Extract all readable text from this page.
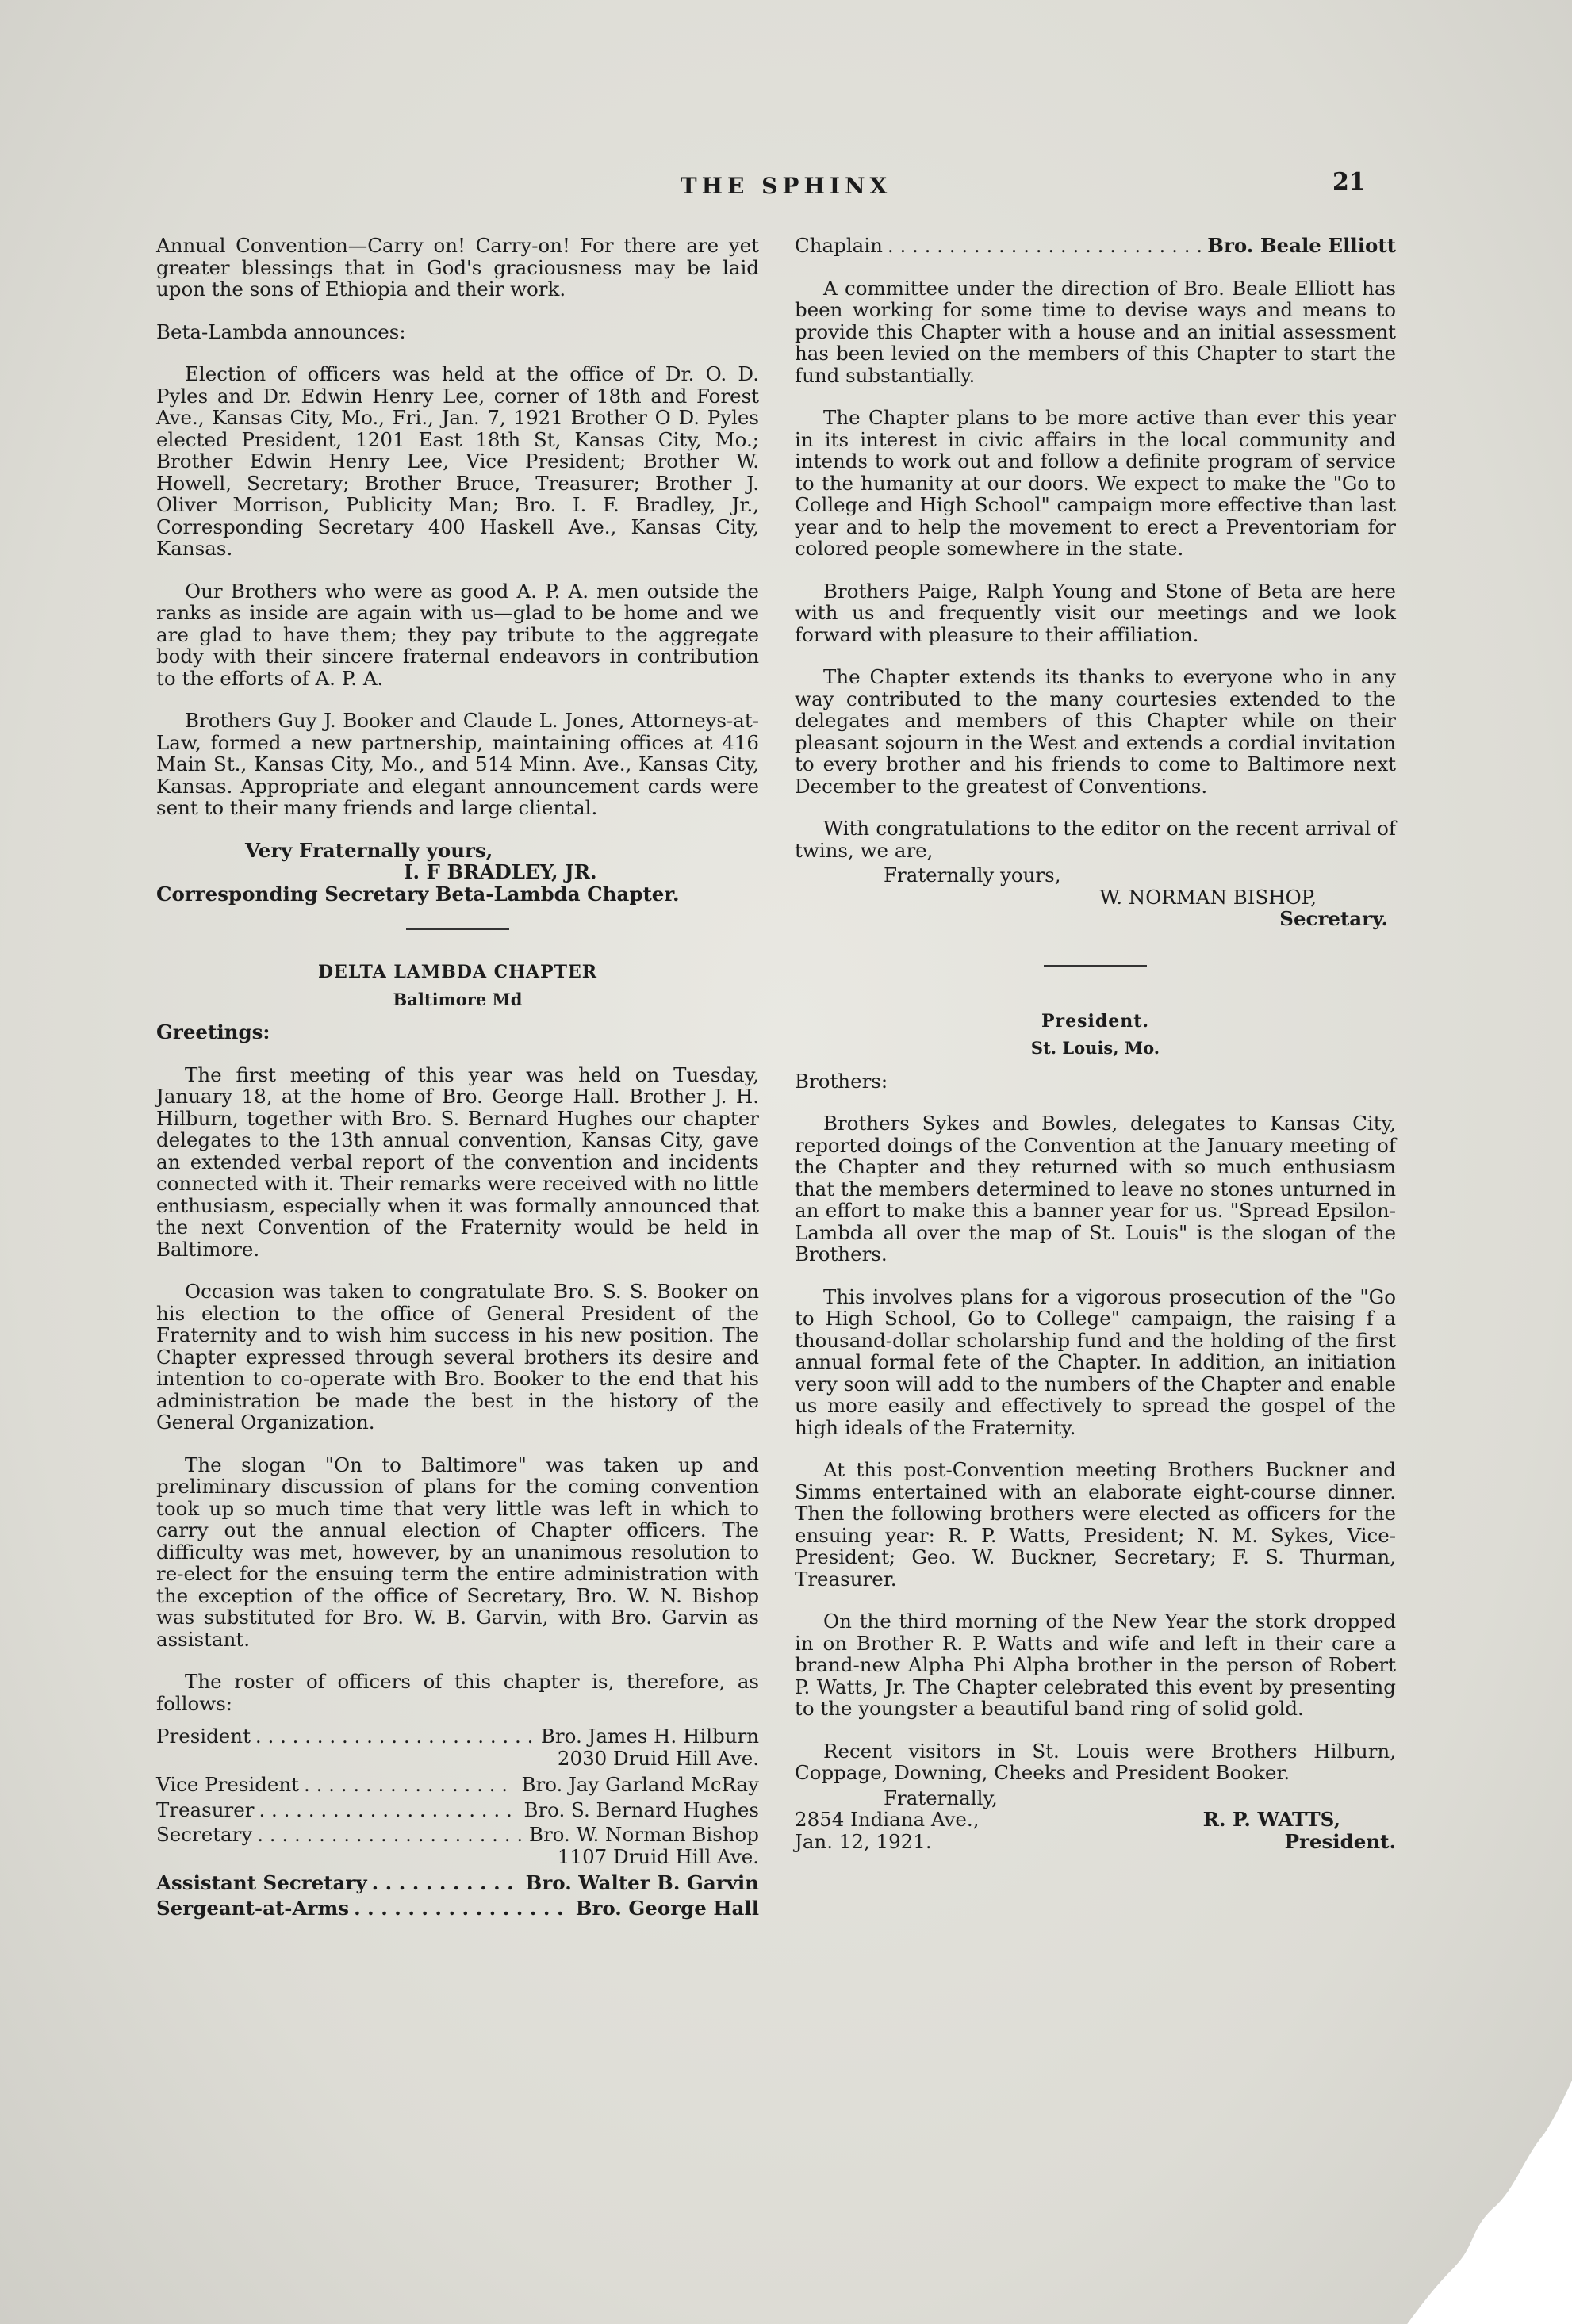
THE SPHINX	21

Annual Convention—Carry on! Carry-on! For there are yet greater blessings that in God's graciousness may be laid upon the sons of Ethiopia and their work.

Beta-Lambda announces:

Election of officers was held at the office of Dr. O. D. Pyles and Dr. Edwin Henry Lee, corner of 18th and Forest Ave., Kansas City, Mo., Fri., Jan. 7, 1921 Brother O D. Pyles elected President, 1201 East 18th St, Kansas City, Mo.; Brother Edwin Henry Lee, Vice President; Brother W. Howell, Secretary; Brother Bruce, Treasurer; Brother J. Oliver Morrison, Publicity Man; Bro. I. F. Bradley, Jr., Corresponding Secretary 400 Haskell Ave., Kansas City, Kansas.

Our Brothers who were as good A. P. A. men outside the ranks as inside are again with us—glad to be home and we are glad to have them; they pay tribute to the aggregate body with their sincere fraternal endeavors in contribution to the efforts of A. P. A.

Brothers Guy J. Booker and Claude L. Jones, Attorneys-at-Law, formed a new partnership, maintaining offices at 416 Main St., Kansas City, Mo., and 514 Minn. Ave., Kansas City, Kansas. Appropriate and elegant announcement cards were sent to their many friends and large cliental.

Very Fraternally yours,
I. F BRADLEY, JR.
Corresponding Secretary Beta-Lambda Chapter.
DELTA LAMBDA CHAPTER
Baltimore Md

Greetings:

The first meeting of this year was held on Tuesday, January 18, at the home of Bro. George Hall. Brother J. H. Hilburn, together with Bro. S. Bernard Hughes our chapter delegates to the 13th annual convention, Kansas City, gave an extended verbal report of the convention and incidents connected with it. Their remarks were received with no little enthusiasm, especially when it was formally announced that the next Convention of the Fraternity would be held in Baltimore.

Occasion was taken to congratulate Bro. S. S. Booker on his election to the office of General President of the Fraternity and to wish him success in his new position. The Chapter expressed through several brothers its desire and intention to co-operate with Bro. Booker to the end that his administration be made the best in the history of the General Organization.

The slogan "On to Baltimore" was taken up and preliminary discussion of plans for the coming convention took up so much time that very little was left in which to carry out the annual election of Chapter officers. The difficulty was met, however, by an unanimous resolution to re-elect for the ensuing term the entire administration with the exception of the office of Secretary, Bro. W. N. Bishop was substituted for Bro. W. B. Garvin, with Bro. Garvin as assistant.

The roster of officers of this chapter is, therefore, as follows:

President . . .	Bro. James H. Hilburn
2030 Druid Hill Ave.
Vice President . . .	Bro. Jay Garland McRay
Treasurer . . .	Bro. S. Bernard Hughes
Secretary . . .	Bro. W. Norman Bishop
1107 Druid Hill Ave.
Assistant Secretary . . .	Bro. Walter B. Garvin
Sergeant-at-Arms . . .	Bro. George Hall
Chaplain . . .	Bro. Beale Elliott

A committee under the direction of Bro. Beale Elliott has been working for some time to devise ways and means to provide this Chapter with a house and an initial assessment has been levied on the members of this Chapter to start the fund substantially.

The Chapter plans to be more active than ever this year in its interest in civic affairs in the local community and intends to work out and follow a definite program of service to the humanity at our doors. We expect to make the "Go to College and High School" campaign more effective than last year and to help the movement to erect a Preventoriam for colored people somewhere in the state.

Brothers Paige, Ralph Young and Stone of Beta are here with us and frequently visit our meetings and we look forward with pleasure to their affiliation.

The Chapter extends its thanks to everyone who in any way contributed to the many courtesies extended to the delegates and members of this Chapter while on their pleasant sojourn in the West and extends a cordial invitation to every brother and his friends to come to Baltimore next December to the greatest of Conventions.

With congratulations to the editor on the recent arrival of twins, we are,

Fraternally yours,
W. NORMAN BISHOP,
Secretary.
President.
St. Louis, Mo.

Brothers:

Brothers Sykes and Bowles, delegates to Kansas City, reported doings of the Convention at the January meeting of the Chapter and they returned with so much enthusiasm that the members determined to leave no stones unturned in an effort to make this a banner year for us. "Spread Epsilon-Lambda all over the map of St. Louis" is the slogan of the Brothers.

This involves plans for a vigorous prosecution of the "Go to High School, Go to College" campaign, the raising f a thousand-dollar scholarship fund and the holding of the first annual formal fete of the Chapter. In addition, an initiation very soon will add to the numbers of the Chapter and enable us more easily and effectively to spread the gospel of the high ideals of the Fraternity.

At this post-Convention meeting Brothers Buckner and Simms entertained with an elaborate eight-course dinner. Then the following brothers were elected as officers for the ensuing year: R. P. Watts, President; N. M. Sykes, Vice-President; Geo. W. Buckner, Secretary; F. S. Thurman, Treasurer.

On the third morning of the New Year the stork dropped in on Brother R. P. Watts and wife and left in their care a brand-new Alpha Phi Alpha brother in the person of Robert P. Watts, Jr. The Chapter celebrated this event by presenting to the youngster a beautiful band ring of solid gold.

Recent visitors in St. Louis were Brothers Hilburn, Coppage, Downing, Cheeks and President Booker.

Fraternally,
2854 Indiana Ave.,	R. P. WATTS,
Jan. 12, 1921.	President.
